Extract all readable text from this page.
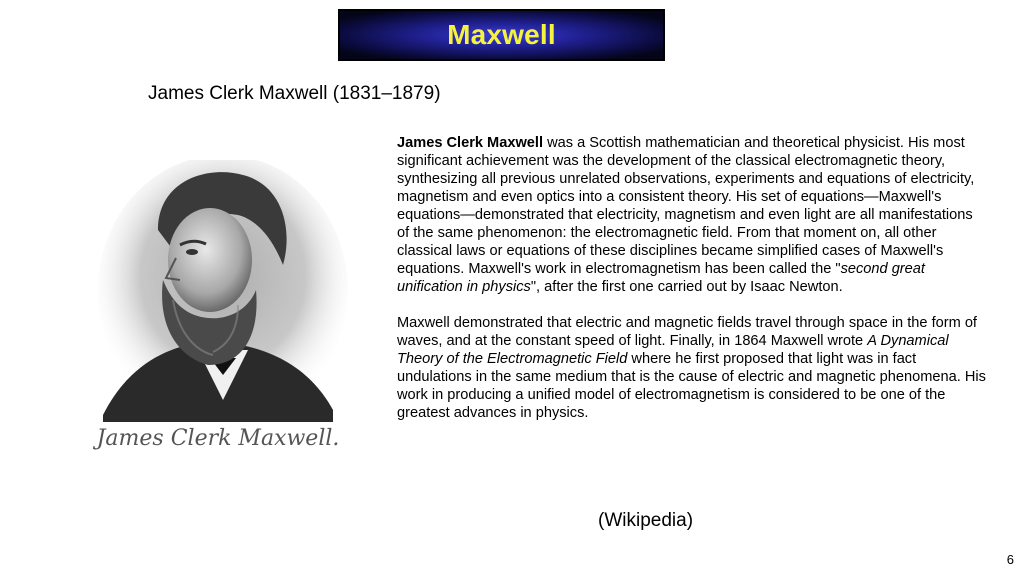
Maxwell
James Clerk Maxwell (1831–1879)
James Clerk Maxwell.

James Clerk Maxwell was a Scottish mathematician and theoretical physicist. His most significant achievement was the development of the classical electromagnetic theory, synthesizing all previous unrelated observations, experiments and equations of electricity, magnetism and even optics into a consistent theory. His set of equations—Maxwell's equations—demonstrated that electricity, magnetism and even light are all manifestations of the same phenomenon: the electromagnetic field. From that moment on, all other classical laws or equations of these disciplines became simplified cases of Maxwell's equations. Maxwell's work in electromagnetism has been called the "second great unification in physics", after the first one carried out by Isaac Newton.

Maxwell demonstrated that electric and magnetic fields travel through space in the form of waves, and at the constant speed of light. Finally, in 1864 Maxwell wrote A Dynamical Theory of the Electromagnetic Field where he first proposed that light was in fact undulations in the same medium that is the cause of electric and magnetic phenomena. His work in producing a unified model of electromagnetism is considered to be one of the greatest advances in physics.

(Wikipedia)
6
